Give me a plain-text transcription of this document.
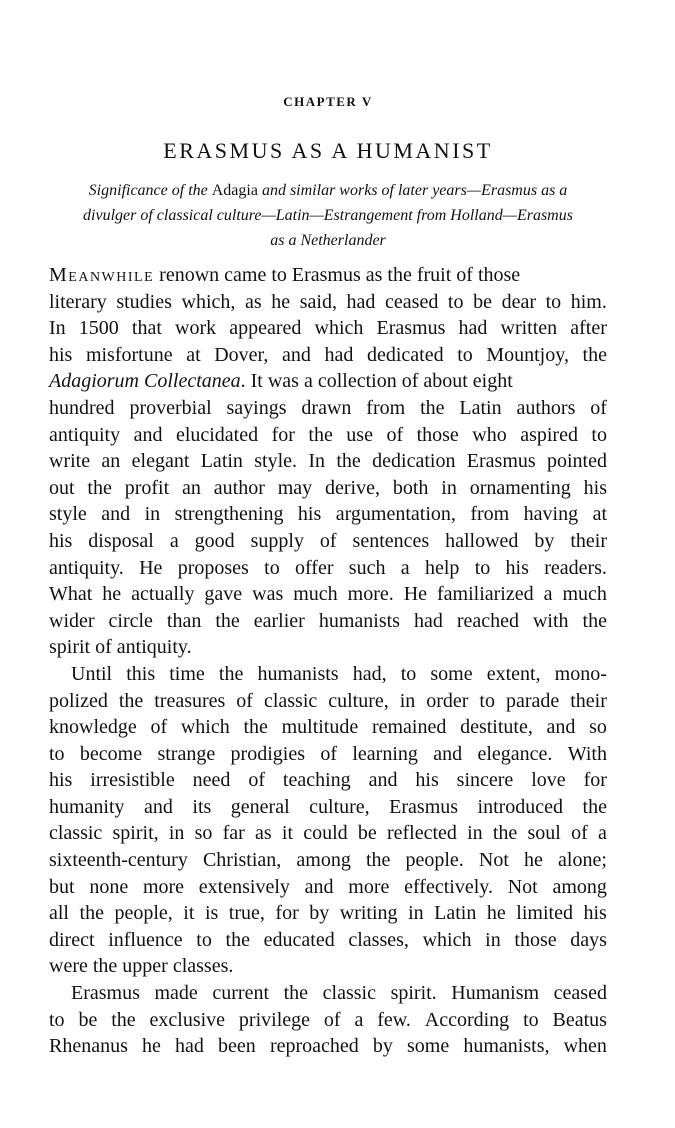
CHAPTER V
ERASMUS AS A HUMANIST
Significance of the Adagia and similar works of later years—Erasmus as a
divulger of classical culture—Latin—Estrangement from Holland—Erasmus
as a Netherlander
Meanwhile renown came to Erasmus as the fruit of those
literary studies which, as he said, had ceased to be dear to him.
In 1500 that work appeared which Erasmus had written after
his misfortune at Dover, and had dedicated to Mountjoy, the
Adagiorum Collectanea. It was a collection of about eight
hundred proverbial sayings drawn from the Latin authors of
antiquity and elucidated for the use of those who aspired to
write an elegant Latin style. In the dedication Erasmus pointed
out the profit an author may derive, both in ornamenting his
style and in strengthening his argumentation, from having at
his disposal a good supply of sentences hallowed by their
antiquity. He proposes to offer such a help to his readers.
What he actually gave was much more. He familiarized a much
wider circle than the earlier humanists had reached with the
spirit of antiquity.
Until this time the humanists had, to some extent, mono-
polized the treasures of classic culture, in order to parade their
knowledge of which the multitude remained destitute, and so
to become strange prodigies of learning and elegance. With
his irresistible need of teaching and his sincere love for
humanity and its general culture, Erasmus introduced the
classic spirit, in so far as it could be reflected in the soul of a
sixteenth-century Christian, among the people. Not he alone;
but none more extensively and more effectively. Not among
all the people, it is true, for by writing in Latin he limited his
direct influence to the educated classes, which in those days
were the upper classes.
Erasmus made current the classic spirit. Humanism ceased
to be the exclusive privilege of a few. According to Beatus
Rhenanus he had been reproached by some humanists, when
